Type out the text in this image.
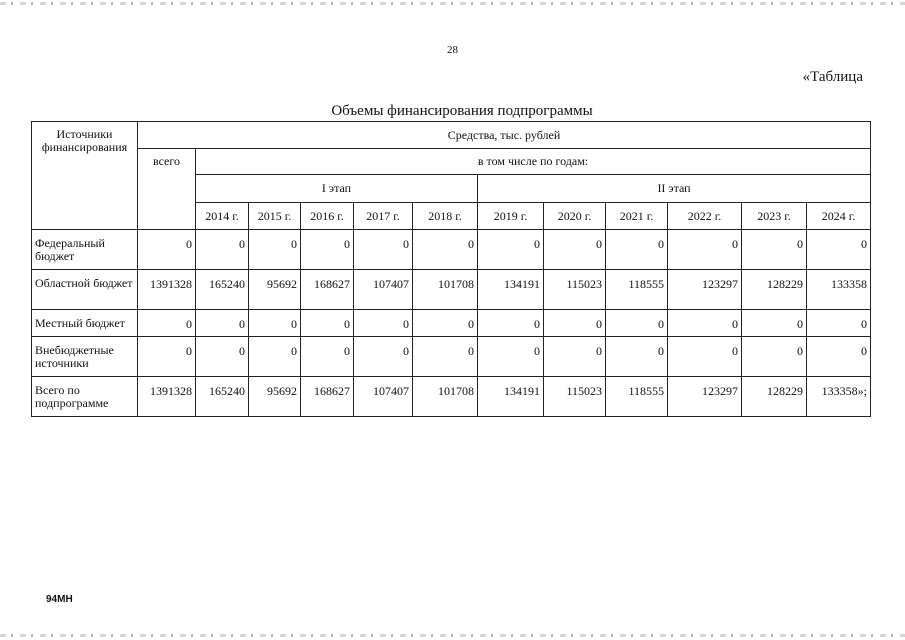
28
«Таблица
Объемы финансирования подпрограммы
Источники финансирования	Средства, тыс. рублей											
	всего	в том числе по годам:										
		I этап					II этап					
		2014 г.	2015 г.	2016 г.	2017 г.	2018 г.	2019 г.	2020 г.	2021 г.	2022 г.	2023 г.	2024 г.
Федеральный бюджет	0	0	0	0	0	0	0	0	0	0	0	0
Областной бюджет	1391328	165240	95692	168627	107407	101708	134191	115023	118555	123297	128229	133358
Местный бюджет	0	0	0	0	0	0	0	0	0	0	0	0
Внебюджетные источники	0	0	0	0	0	0	0	0	0	0	0	0
Всего по подпрограмме	1391328	165240	95692	168627	107407	101708	134191	115023	118555	123297	128229	133358»;
94МН
